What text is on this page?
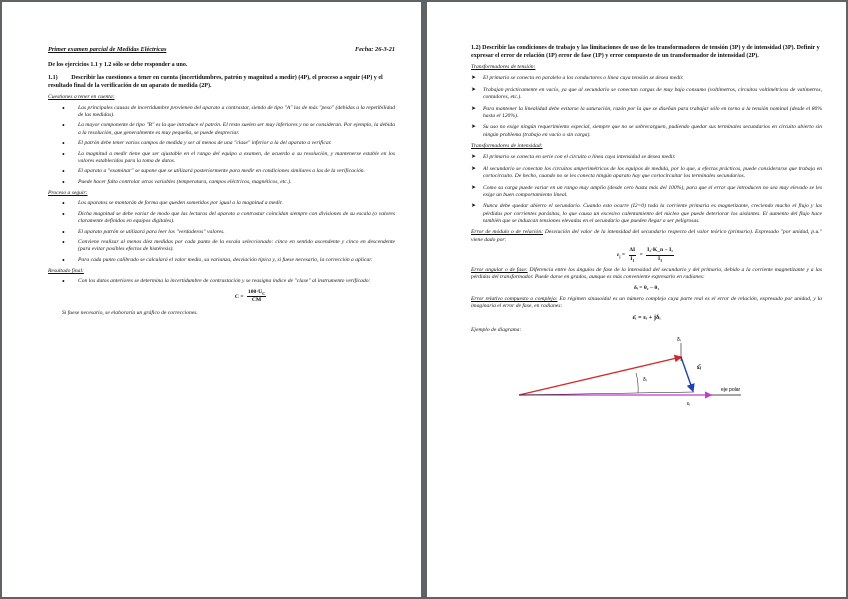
Primer examen parcial de Medidas Eléctricas	Fecha: 26-3-21
De los ejercicios 1.1 y 1.2 sólo se debe responder a uno.
1.1) Describir las cuestiones a tener en cuenta (incertidumbres, patrón y magnitud a medir) (4P), el proceso a seguir (4P) y el resultado final de la verificación de un aparato de medida (2P).
Cuestiones a tener en cuenta:
• Las principales causas de incertidumbre provienen del aparato a contrastar, siendo de tipo "A" las de más "peso" (debidas a la repetibilidad de las medidas).
• La mayor componente de tipo "B" es la que introduce el patrón. El resto suelen ser muy inferiores y no se consideran. Por ejemplo, la debida a la resolución, que generalmente es muy pequeña, se puede despreciar.
• El patrón debe tener varios campos de medida y ser al menos de una "clase" inferior a la del aparato a verificar.
• La magnitud a medir tiene que ser ajustable en el rango del equipo a examen, de acuerdo a su resolución, y mantenerse estable en los valores establecidos para la toma de datos.
• El aparato a "examinar" se supone que se utilizará posteriormente para medir en condiciones similares a las de la verificación.
• Puede hacer falta controlar otras variables (temperatura, campos eléctricos, magnéticos, etc.).
Proceso a seguir:
• Los aparatos se montarán de forma que queden sometidos por igual a la magnitud a medir.
• Dicha magnitud se debe variar de modo que las lecturas del aparato a contrastar coincidan siempre con divisiones de su escala (o valores claramente definidos en equipos digitales).
• El aparato patrón se utilizará para leer los "verdaderos" valores.
• Conviene realizar al menos diez medidas por cada punto de la escala seleccionado: cinco en sentido ascendente y cinco en descendente (para evitar posibles efectos de histéresis).
• Para cada punto calibrado se calculará el valor medio, su varianza, desviación típica y, si fuese necesario, la corrección a aplicar.
Resultado final:
• Con los datos anteriores se determina la incertidumbre de contrastación y se reasigna índice de "clase" al instrumento verificado:
$C = \frac{100\cdot U_C}{CM}$
Si fuese necesario, se elaboraría un gráfico de correcciones.
1.2) Describir las condiciones de trabajo y las limitaciones de uso de los transformadores de tensión (3P) y de intensidad (3P). Definir y expresar el error de relación (1P) error de fase (1P) y error compuesto de un transformador de intensidad (2P).
Transformadores de tensión:
➤ El primario se conecta en paralelo a los conductores o línea cuya tensión se desea medir.
➤ Trabajan prácticamente en vacío, ya que al secundario se conectan cargas de muy bajo consumo (voltímetros, circuitos voltimétricos de vatímetros, contadores, etc.).
➤ Para mantener la linealidad debe evitarse la saturación, razón por la que se diseñan para trabajar sólo en torno a la tensión nominal (desde el 80% hasta el 120%).
➤ Su uso no exige ningún requerimiento especial, siempre que no se sobrecarguen, pudiendo quedar sus terminales secundarios en circuito abierto sin ningún problema (trabajo en vacío o sin carga).
Transformadores de intensidad:
➤ El primario se conecta en serie con el circuito o línea cuya intensidad se desea medir.
➤ Al secundario se conectan los circuitos amperimétricos de los equipos de medida, por lo que, a efectos prácticos, puede considerarse que trabaja en cortocircuito. De hecho, cuando no se les conecta ningún aparato hay que cortocircuitar los terminales secundarios.
➤ Como su carga puede variar en un rango muy amplio (desde cero hasta más del 100%), para que el error que introducen no sea muy elevado se les exige un buen comportamiento lineal.
➤ Nunca debe quedar abierto el secundario. Cuando esto ocurre (I2=0) toda la corriente primaria es magnetizante, creciendo mucho el flujo y las pérdidas por corrientes parásitas, lo que causa un excesivo calentamiento del núcleo que puede deteriorar los aislantes. El aumento del flujo hace también que se induzcan tensiones elevadas en el secundario que pueden llegar a ser peligrosas.
Error de módulo o de relación: Desviación del valor de la intensidad del secundario respecto del valor teórico (primario). Expresado "por unidad, p.u." viene dado por:
$\varepsilon_i = \frac{\Delta I}{I_1} = \frac{\text{I₂·K\_n − I₁}}{I_1}$
Error angular o de fase: Diferencia entre los ángulos de fase de la intensidad del secundario y del primario, debido a la corriente magnetizante y a las pérdidas del transformador. Puede darse en grados, aunque es más conveniente expresarlo en radianes:
δᵢ = θ₂ − θ₁
Error relativo compuesto o complejo: En régimen sinusoidal es un número complejo cuya parte real es el error de relación, expresado por unidad, y la imaginaria el error de fase, en radianes:
ε̄ᵢ = εᵢ + jδᵢ
Ejemplo de diagrama:
δᵢ
ε̄ᵢ
δᵢ
εᵢ
eje polar
